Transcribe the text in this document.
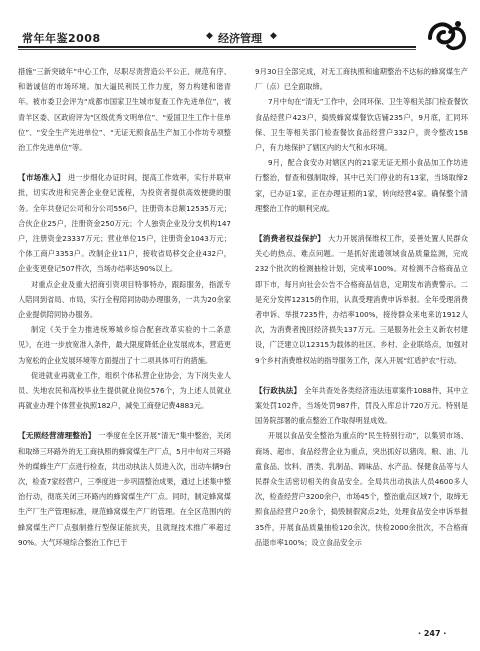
常年年鉴2008	◆ 经济管理 ◆

措施“三新突破年”中心工作，尽职尽责营造公平公正、规范有序、和谐诚信的市场环境。加大逼民利民工作力度，努力构建和谐青年。被市委卫会评为“成都市国家卫生城市复查工作先进单位”，被青羊区委、区政府评为“区级优秀文明单位”、“爱国卫生工作十佳单位”、“安全生产先进单位”、“无证无照食品生产加工小作坊专项整治工作先进单位”等。

【市场准入】 进一步细化办证时间，提高工作效率，实行并联审批，切实改进和完善企业登记流程，为投资者提供高效便捷的服务。全年共登记公司和分公司556户，注册资本总额12535万元；合伙企业25户，注册资金250万元；个人独资企业及分支机构147户，注册资金23337万元；营业单位15户，注册资金1043万元；个体工商户3353户。改制企业11户，接收省局移交企业432户，企业变更登记507件次，当场办结率达90%以上。

对重点企业及重大招商引资项目特事特办，跟踪服务，指派专人陪同到省局、市局，实行全程陪同协助办理服务，一共为20余家企业提供陪同协办服务。

制定《关于全力推进统筹城乡综合配套改革实验的十二条意见》，在进一步放宽准入条件，最大限度降低企业发展成本，营造更为宽松的企业发展环境等方面提出了十二项具体可行的措施。

促进就业再就业工作，组织个体私营企业协会，为下岗失业人员、失地农民和高校毕业生提供就业岗位576个，为上述人员就业再就业办理个体营业执照182户，减免工商登记费4883元。

【无照经营清理整治】 一季度在全区开展“清无”集中整治，关闭和取缔三环路外的无工商执照的蜂窝煤生产厂点，5月中旬对三环路外的煤蜂生产厂点进行检查，共出动执法人员进入次，出动车辆9台次，检查7家经营户，三季度进一步巩固整治成果，通过上述集中整治行动，彻底关闭三环路内的蜂窝煤生产厂点。同时，制定蜂窝煤生产厂生产管理标准，规范蜂窝煤生产厂的管理。在全区范围内的蜂窝煤生产厂点强制推行型保证能抗夹，且就现技术推广率超过90%。大气环境综合整治工作已于

9月30日全部完成，对无工商执照和逾期整治不达标的蜂窝煤生产厂（点）已全面取缔。

7月中旬在“清无”工作中，会同环保、卫生等相关部门检查餐饮食品经营户423户，捣毁蜂窝煤餐饮店铺235户，9月底，汇同环保、卫生等相关部门检查餐饮食品经营户332户，责令整改158户，有力地保护了辖区内的大气和水环境。

9月，配合食安办对辖区内的21家无证无照小食品加工作坊进行整治，督查和强制取缔，其中已关门停业的有13家，当场取缔2家，已办证1家，正在办理证照的1家，转向经营4家。确保整个清理整治工作的顺利完成。

【消费者权益保护】 大力开展消保维权工作，妥善处置人民群众关心的热点、难点问题。一是抓好流通领域食品质量监测，完成232个批次的检测抽检计划，完成率100%。对检测不合格商品立即下市，每月向社会公告不合格商品信息，定期发布消费警示。二是充分发挥12315的作用，认真受理消费申诉举报。全年受理消费者申诉、举报7235件，办结率100%，接待群众来电来访1912人次，为消费者挽回经济损失137万元。三是服务社会主义新农村建设，广泛建立以12315为载体的社区、乡村、企业联络点，加强对9个乡村消费维权站的指导服务工作，深入开展“红盾护农”行动。

【行政执法】 全年共查处各类经济违法违章案件1088件，其中立案处罚102件，当场处罚987件，罚没入库总计720万元。特别是国务院部署的重点整治工作取得明显成效。

开展以食品安全整治为重点的“民生特别行动”，以集贸市场、商场、超市、食品经营企业为重点，突出抓好以猪肉、粮、油、儿童食品、饮料、酒类、乳制品、调味品、水产品、保健食品等与人民群众生活密切相关的食品安全。全局共出动执法人员4600多人次，检查经营户3200余户，市场45个，整治重点区域7个，取缔无照食品经营户20余个，捣毁制假窝点2处，处理食品安全申诉举报35件，开展食品质量抽检120余次，快检2000余批次，不合格商品退市率100%；设立食品安全示

· 247 ·
